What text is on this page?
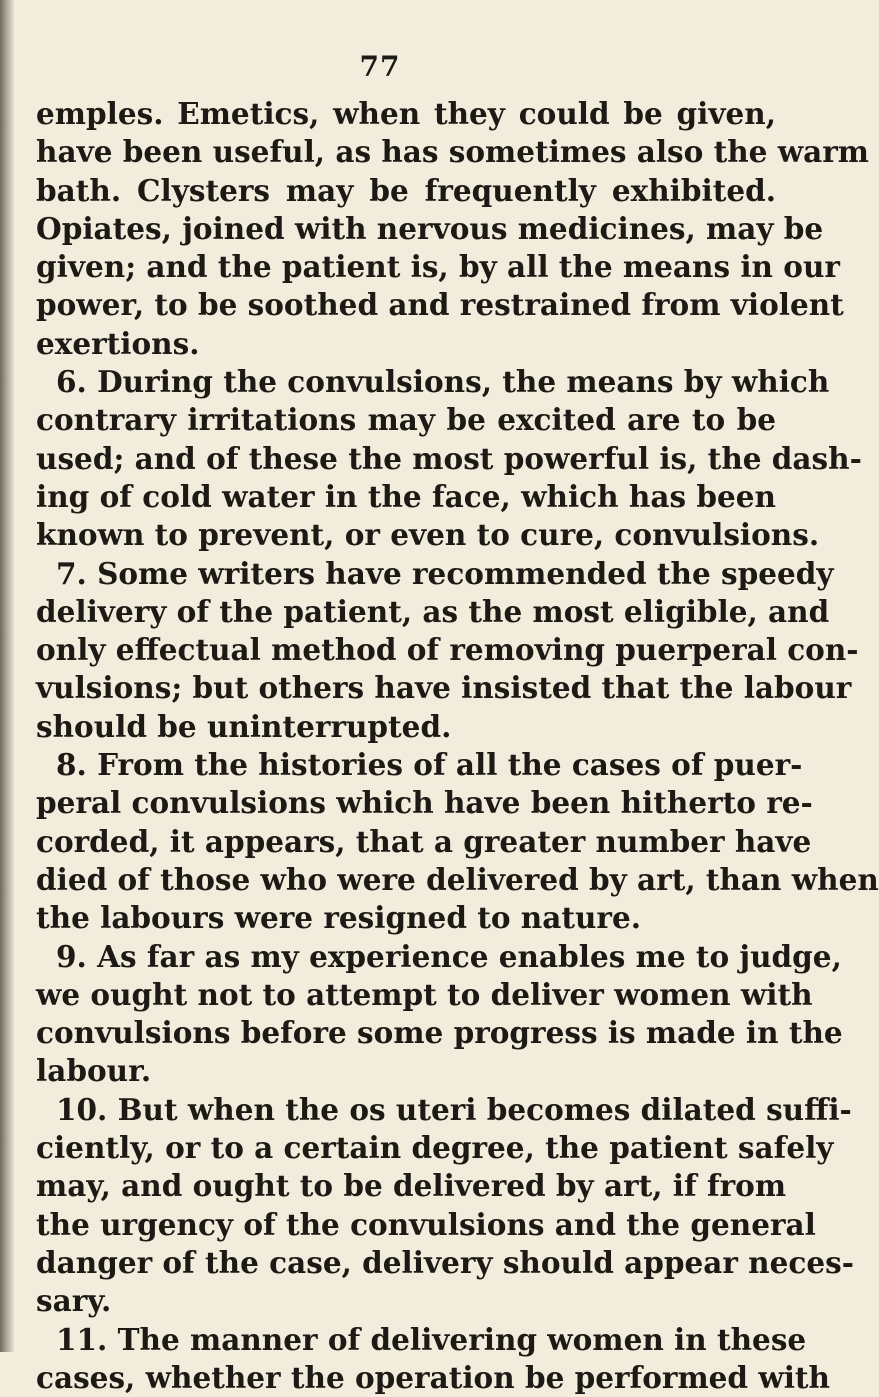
77
emples. Emetics, when they could be given,
have been useful, as has sometimes also the warm
bath. Clysters may be frequently exhibited.
Opiates, joined with nervous medicines, may be
given; and the patient is, by all the means in our
power, to be soothed and restrained from violent
exertions.
6. During the convulsions, the means by which
contrary irritations may be excited are to be
used; and of these the most powerful is, the dash-
ing of cold water in the face, which has been
known to prevent, or even to cure, convulsions.
7. Some writers have recommended the speedy
delivery of the patient, as the most eligible, and
only effectual method of removing puerperal con-
vulsions; but others have insisted that the labour
should be uninterrupted.
8. From the histories of all the cases of puer-
peral convulsions which have been hitherto re-
corded, it appears, that a greater number have
died of those who were delivered by art, than when
the labours were resigned to nature.
9. As far as my experience enables me to judge,
we ought not to attempt to deliver women with
convulsions before some progress is made in the
labour.
10. But when the os uteri becomes dilated suffi-
ciently, or to a certain degree, the patient safely
may, and ought to be delivered by art, if from
the urgency of the convulsions and the general
danger of the case, delivery should appear neces-
sary.
11. The manner of delivering women in these
cases, whether the operation be performed with
